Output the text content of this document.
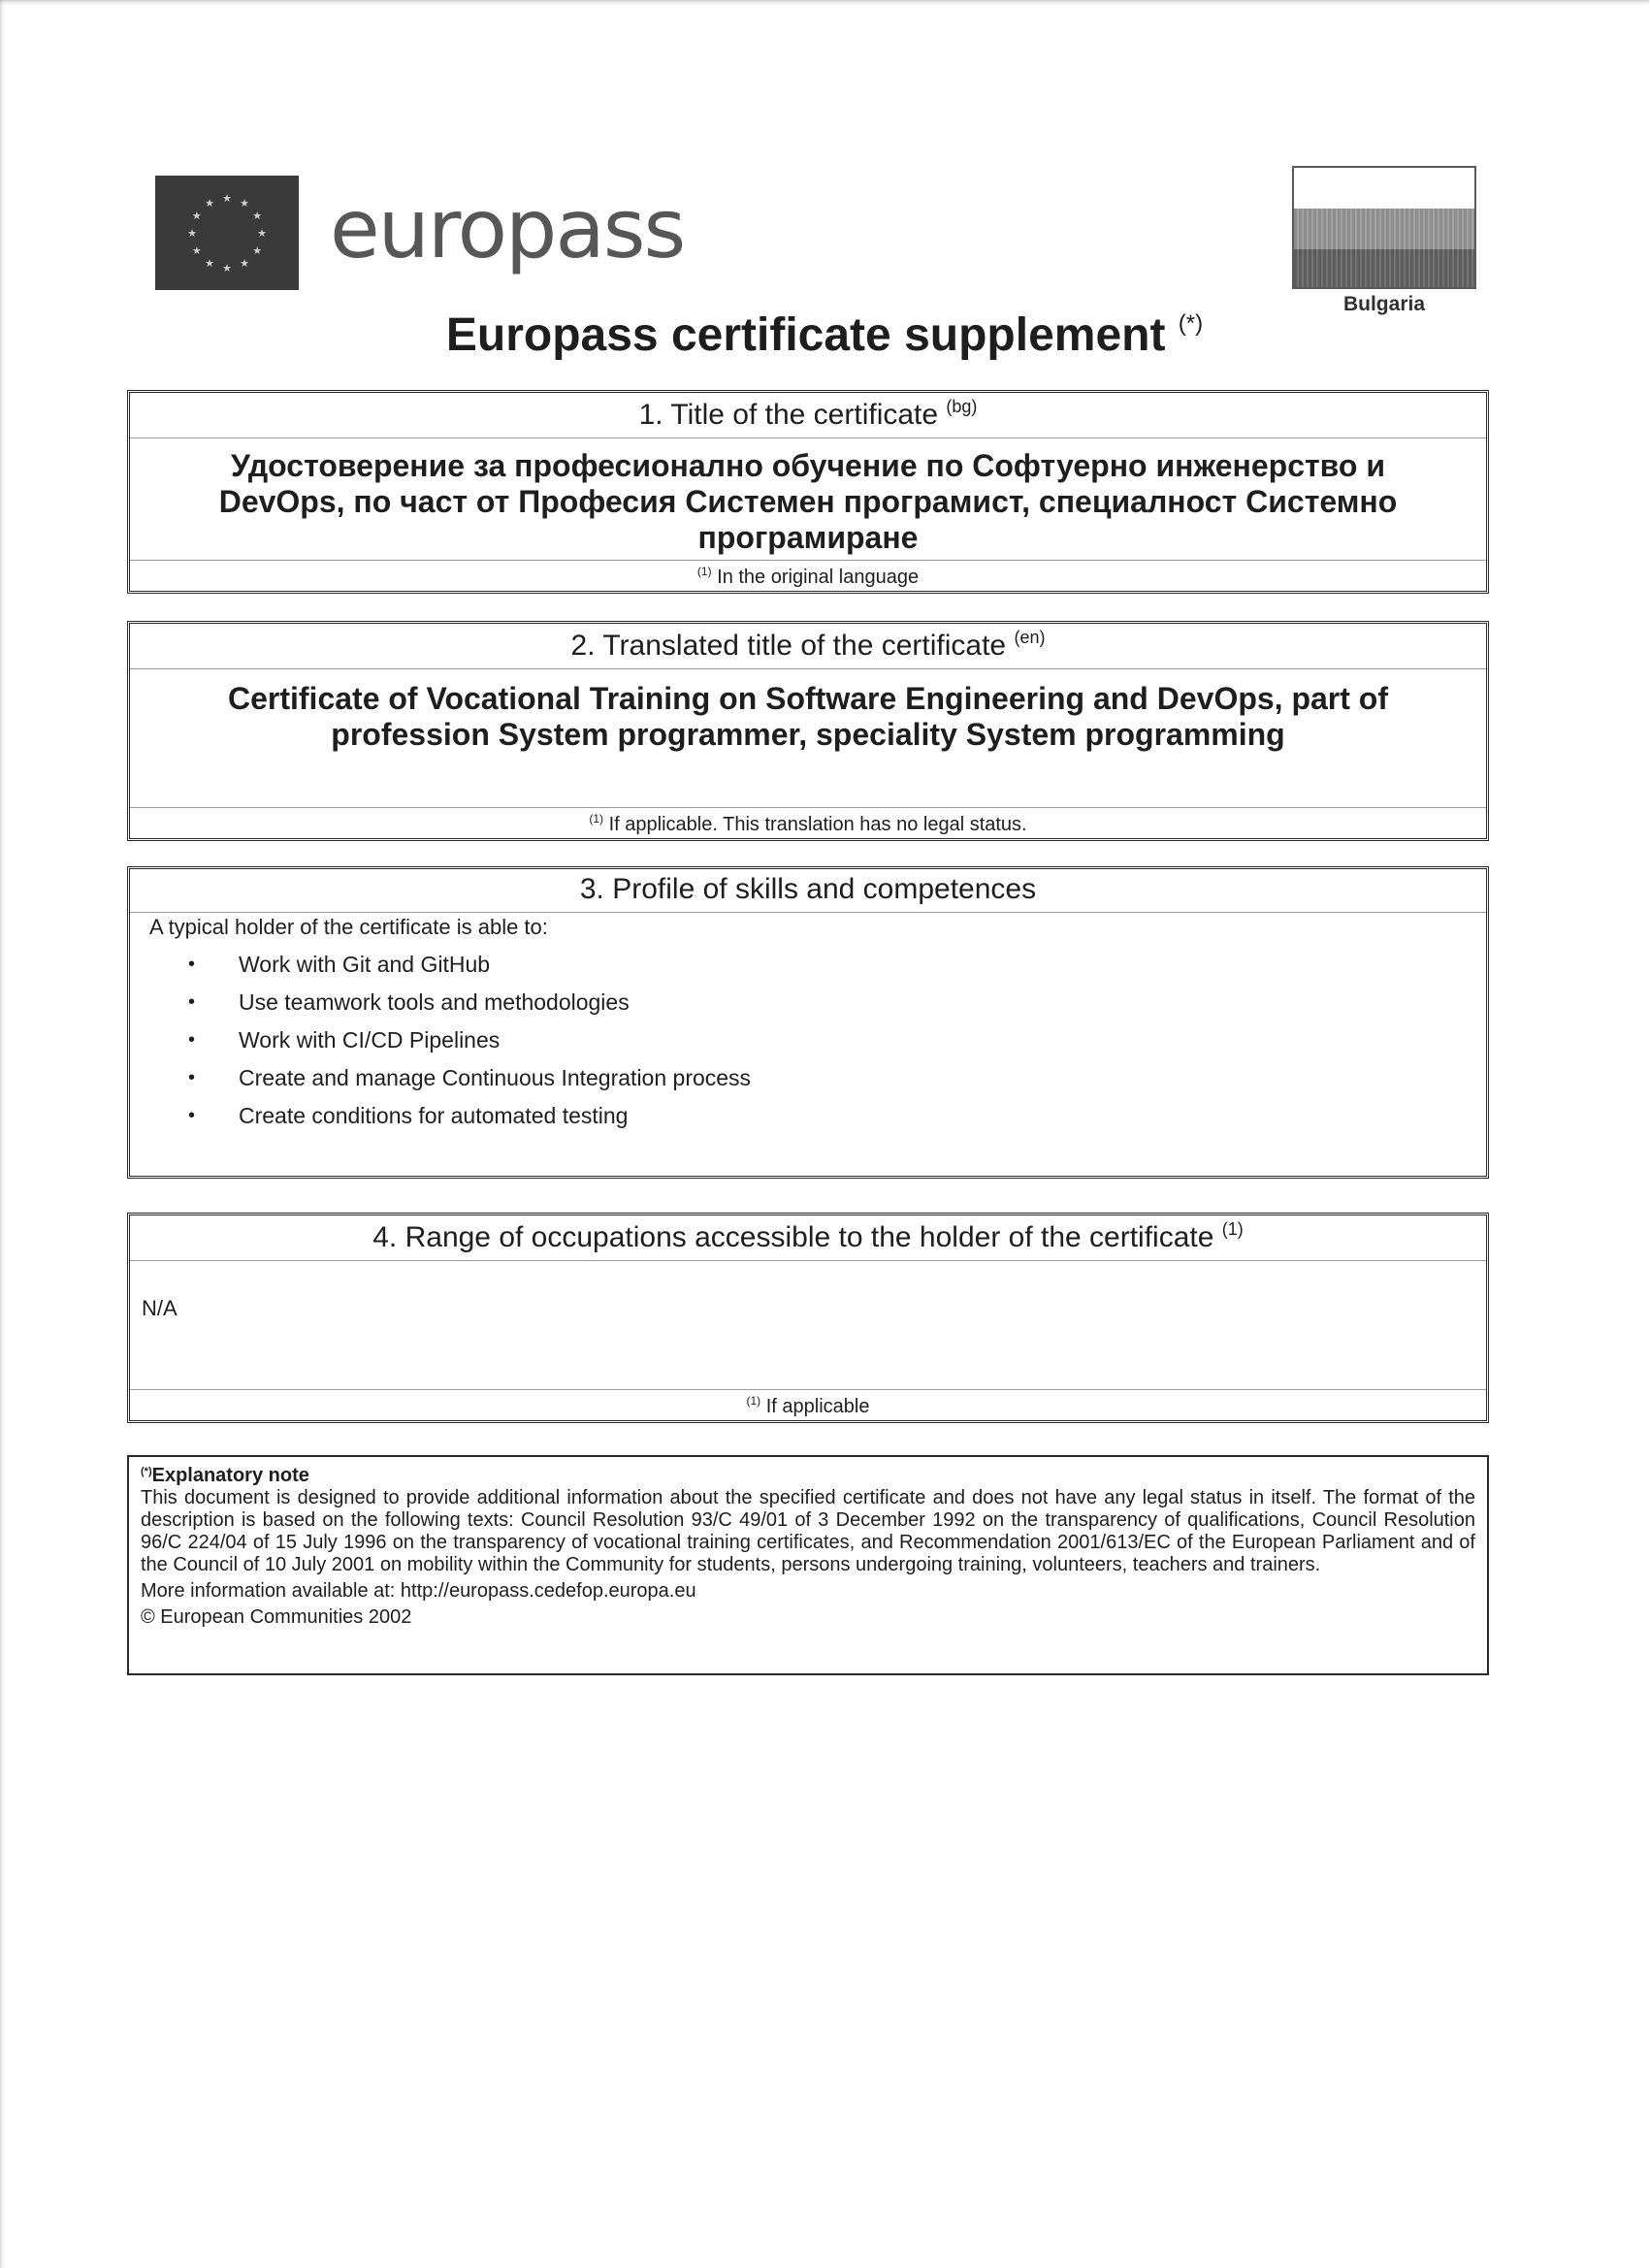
★ ★
★
★
★
★
★
★
★
★
★
★ europass
Bulgaria
Europass certificate supplement (*)
1. Title of the certificate $^{(bg)}$
Удостоверение за професионално обучение по Софтуерно инженерство и DevOps, по част от Професия Системен програмист, специалност Системно програмиране
$^{(1)}$ In the original language
2. Translated title of the certificate $^{(en)}$
Certificate of Vocational Training on Software Engineering and DevOps, part of profession System programmer, speciality System programming
$^{(1)}$ If applicable. This translation has no legal status.
3. Profile of skills and competences
A typical holder of the certificate is able to:
• Work with Git and GitHub
• Use teamwork tools and methodologies
• Work with CI/CD Pipelines
• Create and manage Continuous Integration process
• Create conditions for automated testing
4. Range of occupations accessible to the holder of the certificate $^{(1)}$
N/A
$^{(1)}$ If applicable
(*)Explanatory note
This document is designed to provide additional information about the specified certificate and does not have any legal status in itself. The format of the description is based on the following texts: Council Resolution 93/C 49/01 of 3 December 1992 on the transparency of qualifications, Council Resolution 96/C 224/04 of 15 July 1996 on the transparency of vocational training certificates, and Recommendation 2001/613/EC of the European Parliament and of the Council of 10 July 2001 on mobility within the Community for students, persons undergoing training, volunteers, teachers and trainers.
More information available at: http://europass.cedefop.europa.eu
© European Communities 2002
